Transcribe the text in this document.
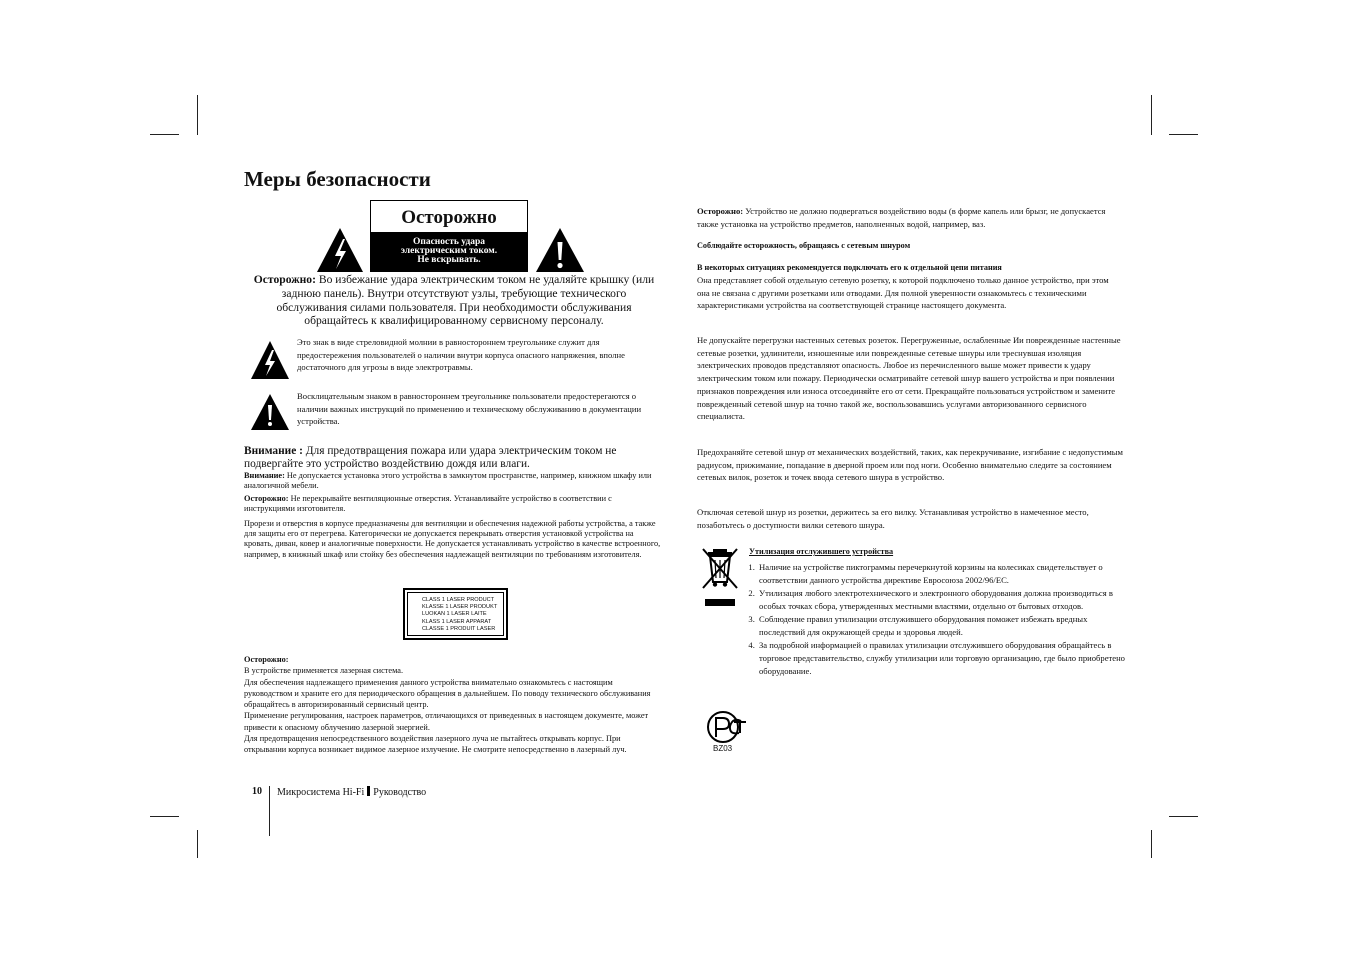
Меры безопасности
Осторожно
Опасность удара
электрическим током.
Не вскрывать.

Осторожно: Во избежание удара электрическим током не удаляйте крышку (или заднюю панель). Внутри отсутствуют узлы, требующие технического обслуживания силами пользователя. При необходимости обслуживания обращайтесь к квалифицированному сервисному персоналу.

Это знак в виде стреловидной молнии в равностороннем треугольнике служит для предостережения пользователей о наличии внутри корпуса опасного напряжения, вполне достаточного для угрозы в виде электротравмы.

Восклицательным знаком в равностороннем треугольнике пользователи предостерегаются о наличии важных инструкций по применению и техническому обслуживанию в документации устройства.

Внимание : Для предотвращения пожара или удара электрическим током не подвергайте это устройство воздействию дождя или влаги.

Внимание: Не допускается установка этого устройства в замкнутом пространстве, например, книжном шкафу или аналогичной мебели.

Осторожно: Не перекрывайте вентиляционные отверстия. Устанавливайте устройство в соответствии с инструкциями изготовителя.

Прорези и отверстия в корпусе предназначены для вентиляции и обеспечения надежной работы устройства, а также для защиты его от перегрева. Категорически не допускается перекрывать отверстия установкой устройства на кровать, диван, ковер и аналогичные поверхности. Не допускается устанавливать устройство в качестве встроенного, например, в книжный шкаф или стойку без обеспечения надлежащей вентиляции по требованиям изготовителя.

CLASS 1 LASER PRODUCT
KLASSE 1 LASER PRODUKT
LUOKAN 1 LASER LAITE
KLASS 1 LASER APPARAT
CLASSE 1 PRODUIT LASER

Осторожно:

В устройстве применяется лазерная система.

Для обеспечения надлежащего применения данного устройства внимательно ознакомьтесь с настоящим руководством и храните его для периодического обращения в дальнейшем. По поводу технического обслуживания обращайтесь в авторизированный сервисный центр.

Применение регулирования, настроек параметров, отличающихся от приведенных в настоящем документе, может привести к опасному облучению лазерной энергией.

Для предотвращения непосредственного воздействия лазерного луча не пытайтесь открывать корпус. При открывании корпуса возникает видимое лазерное излучение. Не смотрите непосредственно в лазерный луч.

10 Микросистема Hi-Fi Руководство

Осторожно: Устройство не должно подвергаться воздействию воды (в форме капель или брызг, не допускается также установка на устройство предметов, наполненных водой, например, ваз.

Соблюдайте осторожность, обращаясь с сетевым шнуром

В некоторых ситуациях рекомендуется подключать его к отдельной цепи питания

Она представляет собой отдельную сетевую розетку, к которой подключено только данное устройство, при этом она не связана с другими розетками или отводами. Для полной уверенности ознакомьтесь с техническими характеристиками устройства на соответствующей странице настоящего документа.

Не допускайте перегрузки настенных сетевых розеток. Перегруженные, ослабленные Ии поврежденные настенные сетевые розетки, удлинители, изношенные или поврежденные сетевые шнуры или треснувшая изоляция электрических проводов представляют опасность. Любое из перечисленного выше может привести к удару электрическим током или пожару. Периодически осматривайте сетевой шнур вашего устройства и при появлении признаков повреждения или износа отсоединяйте его от сети. Прекращайте пользоваться устройством и замените поврежденный сетевой шнур на точно такой же, воспользовавшись услугами авторизованного сервисного специалиста.

Предохраняйте сетевой шнур от механических воздействий, таких, как перекручивание, изгибание с недопустимым радиусом, прижимание, попадание в дверной проем или под ноги. Особенно внимательно следите за состоянием сетевых вилок, розеток и точек ввода сетевого шнура в устройство.

Отключая сетевой шнур из розетки, держитесь за его вилку. Устанавливая устройство в намеченное место, позаботьтесь о доступности вилки сетевого шнура.

Утилизация отслужившего устройства

1. Наличие на устройстве пиктограммы перечеркнутой корзины на колесиках свидетельствует о соответствии данного устройства директиве Евросоюза 2002/96/EC.
2. Утилизация любого электротехнического и электронного оборудования должна производиться в особых точках сбора, утвержденных местными властями, отдельно от бытовых отходов.
3. Соблюдение правил утилизации отслужившего оборудования поможет избежать вредных последствий для окружающей среды и здоровья людей.
4. За подробной информацией о правилах утилизации отслужившего оборудования обращайтесь в торговое представительство, службу утилизации или торговую организацию, где было приобретено оборудование.
BZ03
